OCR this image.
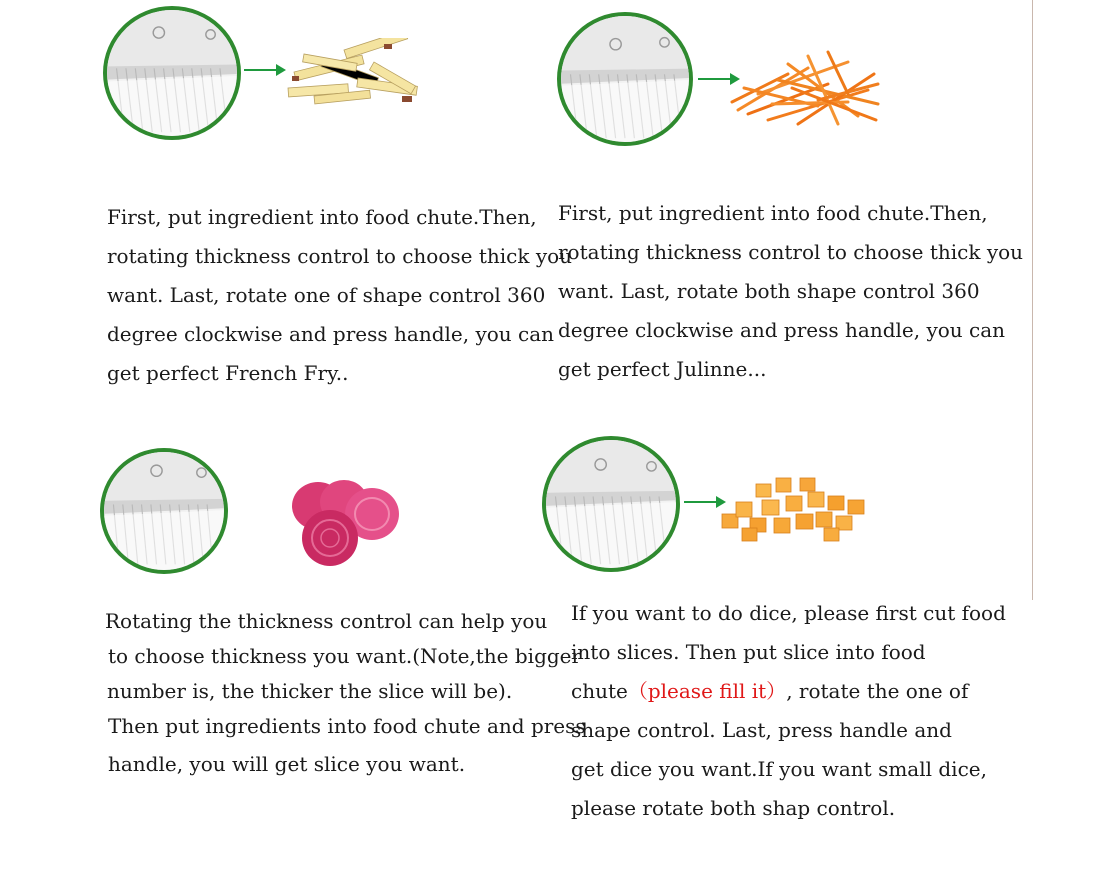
First, put ingredient into food chute.Then,
rotating thickness control to choose thick you
want. Last, rotate one of shape control 360
degree clockwise and press handle, you can
get perfect French Fry..
First, put ingredient into food chute.Then,
rotating thickness control to choose thick you
want. Last, rotate both shape control 360
degree clockwise and press handle, you can
get perfect Julinne...
Rotating the thickness control can help you
to choose thickness you want.(Note,the bigger
number is, the thicker the slice will be).
Then put ingredients into food chute and press
handle, you will get slice you want.
If you want to do dice, please first cut food
into slices. Then put slice into food
chute（please fill it）, rotate the one of
shape control. Last, press handle and
get dice you want.If you want small dice,
please rotate both shap control.
